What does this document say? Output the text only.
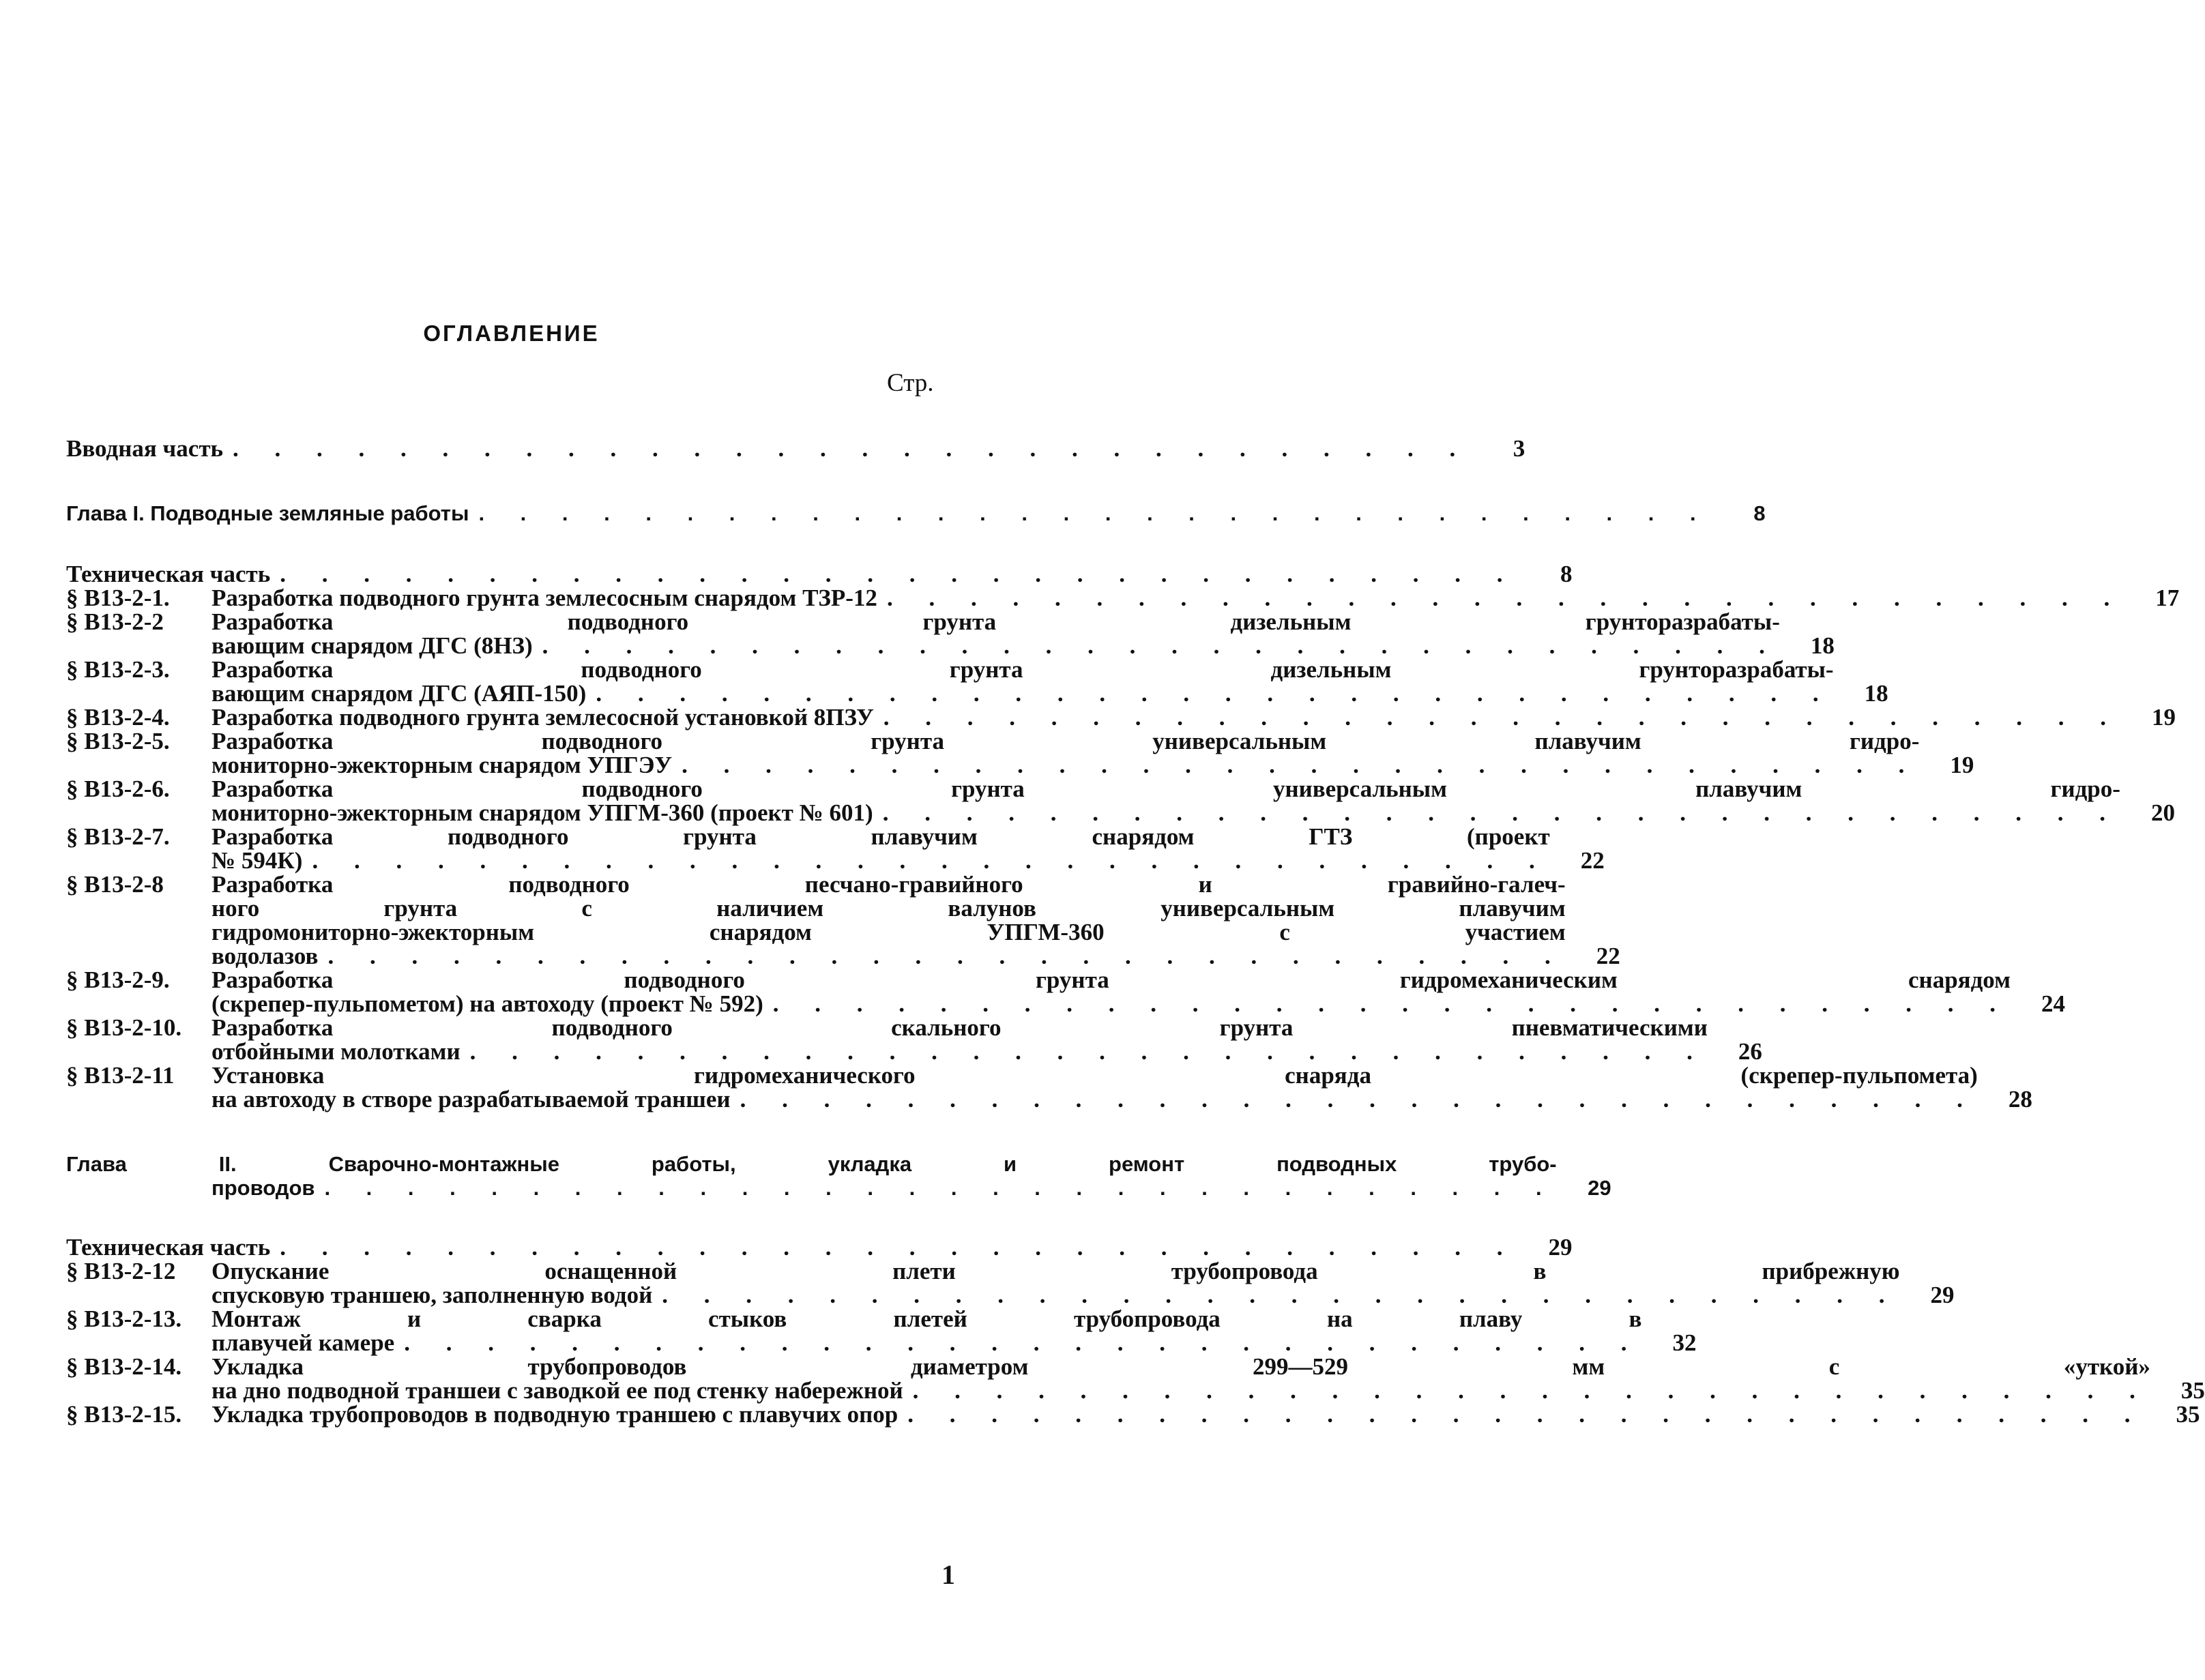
ОГЛАВЛЕНИЕ
Стр.
Вводная часть . . . . . . . . . . . . . . . . . . . . . . . . . . . . . .	3
Глава I. Подводные земляные работы . . . . . . . . . . . . . . . . . . . . . . . . . . . . . .	8
Техническая часть . . . . . . . . . . . . . . . . . . . . . . . . . . . . . .	8
§ В13-2-1.	Разработка подводного грунта землесосным снарядом ТЗР-12 . . . . . . . . . . . . . . . . . . . . . . . . . . . . . .	17
§ В13-2-2	Разработка подводного грунта дизельным грунторазрабаты-
вающим снарядом ДГС (8НЗ) . . . . . . . . . . . . . . . . . . . . . . . . . . . . . .	18
§ В13-2-3.	Разработка подводного грунта дизельным грунторазрабаты-
вающим снарядом ДГС (АЯП-150) . . . . . . . . . . . . . . . . . . . . . . . . . . . . . .	18
§ В13-2-4.	Разработка подводного грунта землесосной установкой 8ПЗУ . . . . . . . . . . . . . . . . . . . . . . . . . . . . . .	19
§ В13-2-5.	Разработка подводного грунта универсальным плавучим гидро-
мониторно-эжекторным снарядом УПГЭУ . . . . . . . . . . . . . . . . . . . . . . . . . . . . . .	19
§ В13-2-6.	Разработка подводного грунта универсальным плавучим гидро-
мониторно-эжекторным снарядом УПГМ-360 (проект № 601) . . . . . . . . . . . . . . . . . . . . . . . . . . . . . .	20
§ В13-2-7.	Разработка подводного грунта плавучим снарядом ГТЗ (проект
№ 594К) . . . . . . . . . . . . . . . . . . . . . . . . . . . . . .	22
§ В13-2-8	Разработка подводного песчано-гравийного и гравийно-галеч-
ного грунта с наличием валунов универсальным плавучим
гидромониторно-эжекторным снарядом УПГМ-360 с участием
водолазов . . . . . . . . . . . . . . . . . . . . . . . . . . . . . .	22
§ В13-2-9.	Разработка подводного грунта гидромеханическим снарядом
(скрепер-пульпометом) на автоходу (проект № 592) . . . . . . . . . . . . . . . . . . . . . . . . . . . . . .	24
§ В13-2-10.	Разработка подводного скального грунта пневматическими
отбойными молотками . . . . . . . . . . . . . . . . . . . . . . . . . . . . . .	26
§ В13-2-11	Установка гидромеханического снаряда (скрепер-пульпомета)
на автоходу в створе разрабатываемой траншеи . . . . . . . . . . . . . . . . . . . . . . . . . . . . . .	28
Глава II. Сварочно-монтажные работы, укладка и ремонт подводных трубо-
проводов . . . . . . . . . . . . . . . . . . . . . . . . . . . . . .	29
Техническая часть . . . . . . . . . . . . . . . . . . . . . . . . . . . . . .	29
§ В13-2-12	Опускание оснащенной плети трубопровода в прибрежную
спусковую траншею, заполненную водой . . . . . . . . . . . . . . . . . . . . . . . . . . . . . .	29
§ В13-2-13.	Монтаж и сварка стыков плетей трубопровода на плаву в
плавучей камере . . . . . . . . . . . . . . . . . . . . . . . . . . . . . .	32
§ В13-2-14.	Укладка трубопроводов диаметром 299—529 мм с «уткой»
на дно подводной траншеи с заводкой ее под стенку набережной . . . . . . . . . . . . . . . . . . . . . . . . . . . . . .	35
§ В13-2-15.	Укладка трубопроводов в подводную траншею с плавучих опор . . . . . . . . . . . . . . . . . . . . . . . . . . . . . .	35
1
